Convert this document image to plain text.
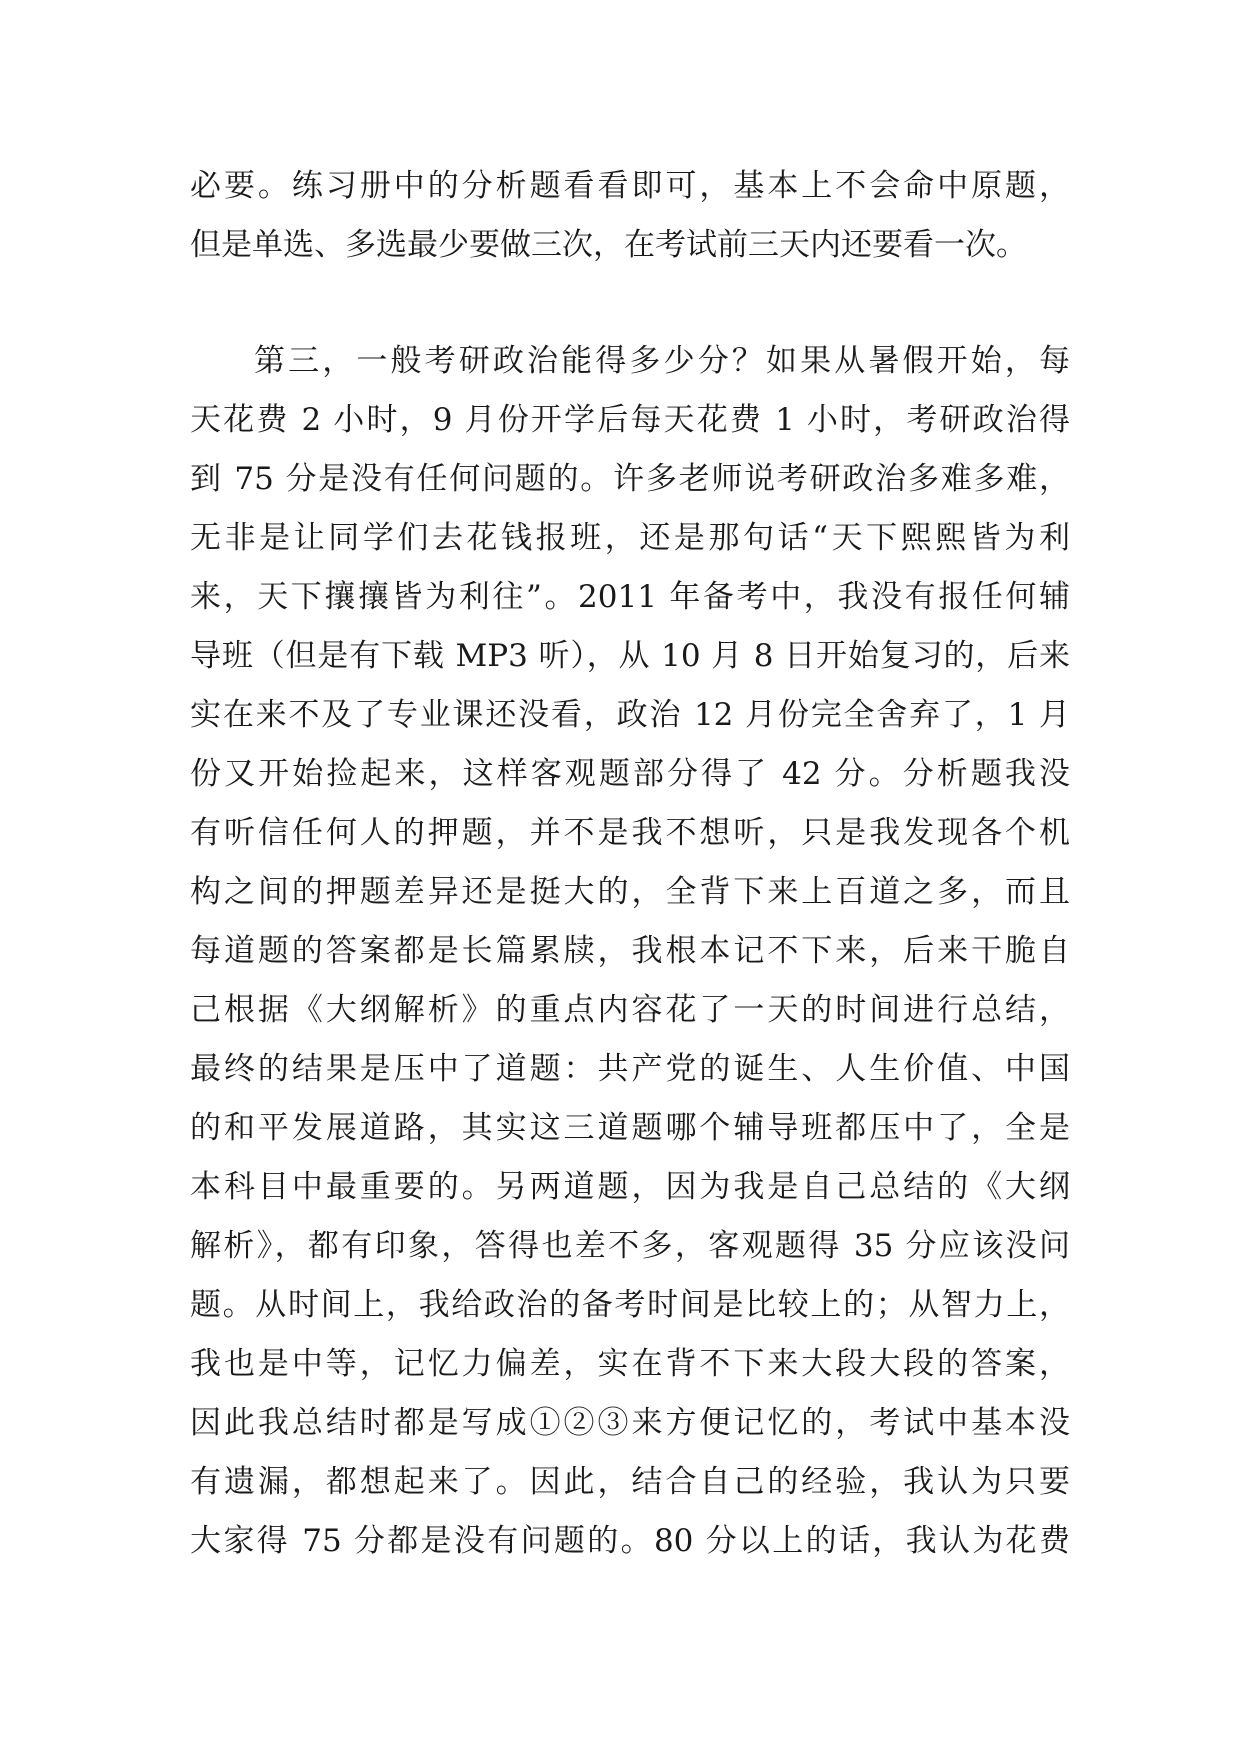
必要。练习册中的分析题看看即可，基本上不会命中原题，
但是单选、多选最少要做三次，在考试前三天内还要看一次。
第三，一般考研政治能得多少分？如果从暑假开始，每
天花费 2 小时，9 月份开学后每天花费 1 小时，考研政治得
到 75 分是没有任何问题的。许多老师说考研政治多难多难，
无非是让同学们去花钱报班，还是那句话“天下熙熙皆为利
来，天下攘攘皆为利往”。2011 年备考中，我没有报任何辅
导班（但是有下载 MP3 听），从 10 月 8 日开始复习的，后来
实在来不及了专业课还没看，政治 12 月份完全舍弃了，1 月
份又开始捡起来，这样客观题部分得了 42 分。分析题我没
有听信任何人的押题，并不是我不想听，只是我发现各个机
构之间的押题差异还是挺大的，全背下来上百道之多，而且
每道题的答案都是长篇累牍，我根本记不下来，后来干脆自
己根据《大纲解析》的重点内容花了一天的时间进行总结，
最终的结果是压中了道题：共产党的诞生、人生价值、中国
的和平发展道路，其实这三道题哪个辅导班都压中了，全是
本科目中最重要的。另两道题，因为我是自己总结的《大纲
解析》，都有印象，答得也差不多，客观题得 35 分应该没问
题。从时间上，我给政治的备考时间是比较上的；从智力上，
我也是中等，记忆力偏差，实在背不下来大段大段的答案，
因此我总结时都是写成①②③来方便记忆的，考试中基本没
有遗漏，都想起来了。因此，结合自己的经验，我认为只要
大家得 75 分都是没有问题的。80 分以上的话，我认为花费
